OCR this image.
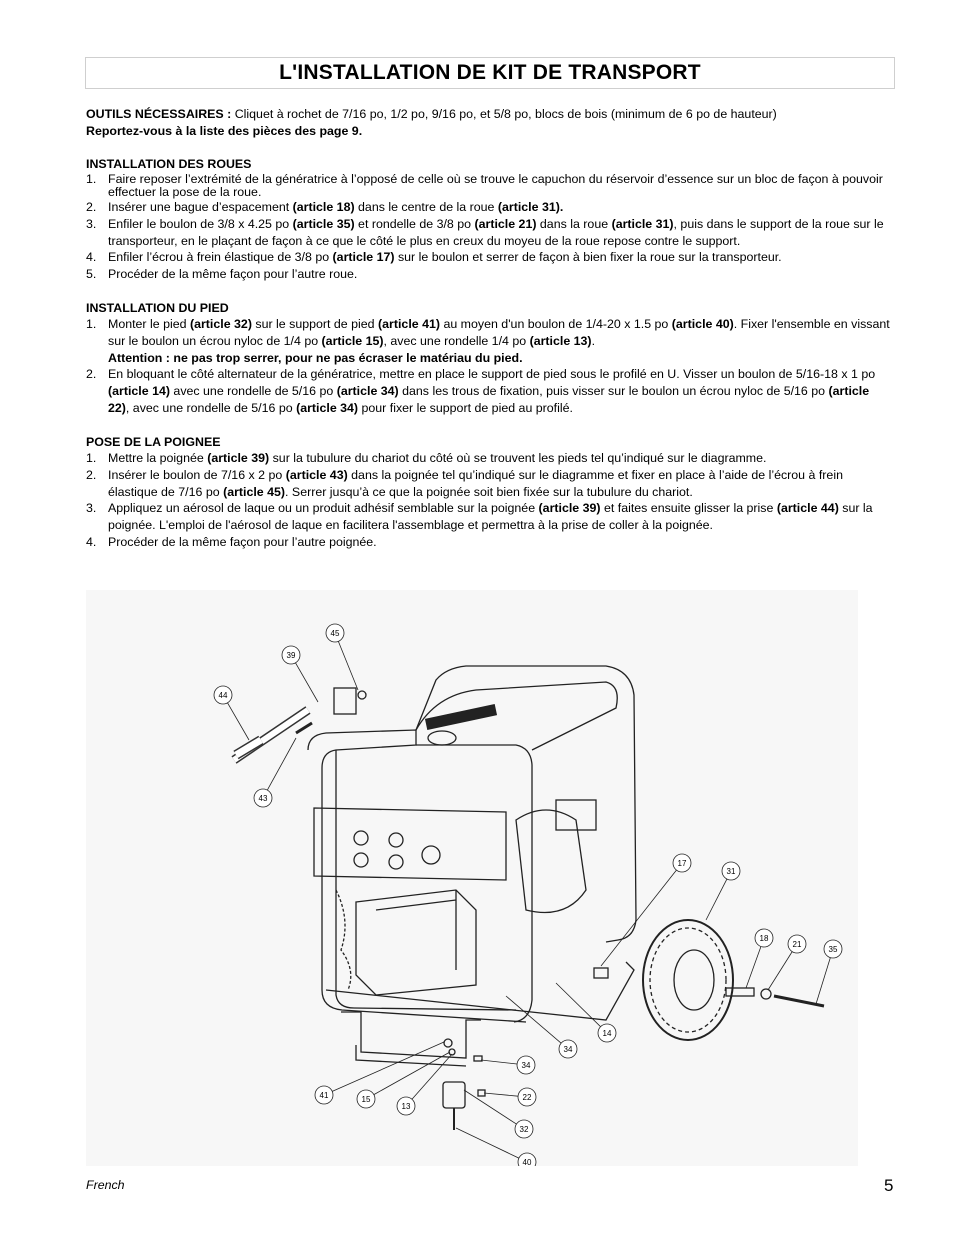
L'INSTALLATION DE KIT DE TRANSPORT

OUTILS NÉCESSAIRES : Cliquet à rochet de 7/16 po, 1/2 po, 9/16 po, et 5/8 po, blocs de bois (minimum de 6 po de hauteur)

Reportez-vous à la liste des pièces des page 9.

INSTALLATION DES ROUES

1. Faire reposer l’extrémité de la génératrice à l’opposé de celle où se trouve le capuchon du réservoir d’essence sur un bloc de façon à pouvoir effectuer la pose de la roue.
2. Insérer une bague d’espacement (article 18) dans le centre de la roue (article 31).
3. Enfiler le boulon de 3/8 x 4.25 po (article 35) et rondelle de 3/8 po (article 21) dans la roue (article 31), puis dans le support de la roue sur le transporteur, en le plaçant de façon à ce que le côté le plus en creux du moyeu de la roue repose contre le support.
4. Enfiler l’écrou à frein élastique de 3/8 po (article 17) sur le boulon et serrer de façon à bien fixer la roue sur la transporteur.
5. Procéder de la même façon pour l’autre roue.

INSTALLATION DU PIED

1. Monter le pied (article 32) sur le support de pied (article 41) au moyen d'un boulon de 1/4-20 x 1.5 po (article 40). Fixer l'ensemble en vissant sur le boulon un écrou nyloc de 1/4 po (article 15), avec une rondelle 1/4 po (article 13).
Attention : ne pas trop serrer, pour ne pas écraser le matériau du pied.
2. En bloquant le côté alternateur de la génératrice, mettre en place le support de pied sous le profilé en U. Visser un boulon de 5/16-18 x 1 po (article 14) avec une rondelle de 5/16 po (article 34) dans les trous de fixation, puis visser sur le boulon un écrou nyloc de 5/16 po (article 22), avec une rondelle de 5/16 po (article 34) pour fixer le support de pied au profilé.

POSE DE LA POIGNEE

1. Mettre la poignée (article 39) sur la tubulure du chariot du côté où se trouvent les pieds tel qu’indiqué sur le diagramme.
2. Insérer le boulon de 7/16 x 2 po (article 43) dans la poignée tel qu’indiqué sur le diagramme et fixer en place à l’aide de l’écrou à frein élastique de 7/16 po (article 45). Serrer jusqu’à ce que la poignée soit bien fixée sur la tubulure du chariot.
3. Appliquez un aérosol de laque ou un produit adhésif semblable sur la poignée (article 39) et faites ensuite glisser la prise (article 44) sur la poignée. L'emploi de l'aérosol de laque en facilitera l'assemblage et permettra à la prise de coller à la poignée.
4. Procéder de la même façon pour l’autre poignée.
45
39
44
43
17
31
18
21
35
14
34
34
41	15
13
22
32
40
French	5
